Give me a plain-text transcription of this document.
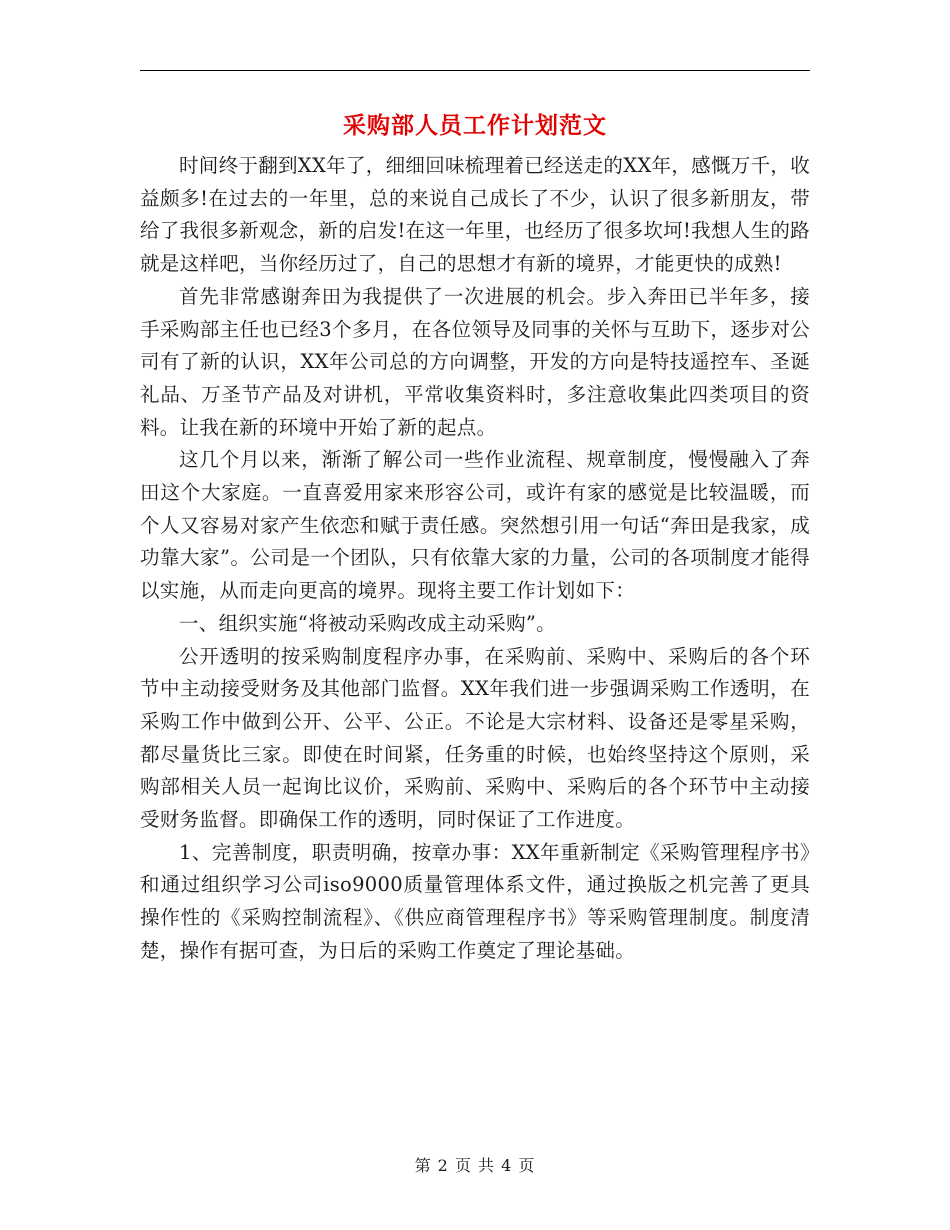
采购部人员工作计划范文

时间终于翻到XX年了，细细回味梳理着已经送走的XX年，感慨万千，收益颇多!在过去的一年里，总的来说自己成长了不少，认识了很多新朋友，带给了我很多新观念，新的启发!在这一年里，也经历了很多坎坷!我想人生的路就是这样吧，当你经历过了，自己的思想才有新的境界，才能更快的成熟!

首先非常感谢奔田为我提供了一次进展的机会。步入奔田已半年多，接手采购部主任也已经3个多月，在各位领导及同事的关怀与互助下，逐步对公司有了新的认识，XX年公司总的方向调整，开发的方向是特技遥控车、圣诞礼品、万圣节产品及对讲机，平常收集资料时，多注意收集此四类项目的资料。让我在新的环境中开始了新的起点。

这几个月以来，渐渐了解公司一些作业流程、规章制度，慢慢融入了奔田这个大家庭。一直喜爱用家来形容公司，或许有家的感觉是比较温暖，而个人又容易对家产生依恋和赋于责任感。突然想引用一句话“奔田是我家，成功靠大家”。公司是一个团队，只有依靠大家的力量，公司的各项制度才能得以实施，从而走向更高的境界。现将主要工作计划如下：

一、组织实施“将被动采购改成主动采购”。

公开透明的按采购制度程序办事，在采购前、采购中、采购后的各个环节中主动接受财务及其他部门监督。XX年我们进一步强调采购工作透明，在采购工作中做到公开、公平、公正。不论是大宗材料、设备还是零星采购，都尽量货比三家。即使在时间紧，任务重的时候，也始终坚持这个原则，采购部相关人员一起询比议价，采购前、采购中、采购后的各个环节中主动接受财务监督。即确保工作的透明，同时保证了工作进度。

1、完善制度，职责明确，按章办事：XX年重新制定《采购管理程序书》和通过组织学习公司iso9000质量管理体系文件，通过换版之机完善了更具操作性的《采购控制流程》、《供应商管理程序书》等采购管理制度。制度清楚，操作有据可查，为日后的采购工作奠定了理论基础。

第 2 页 共 4 页
